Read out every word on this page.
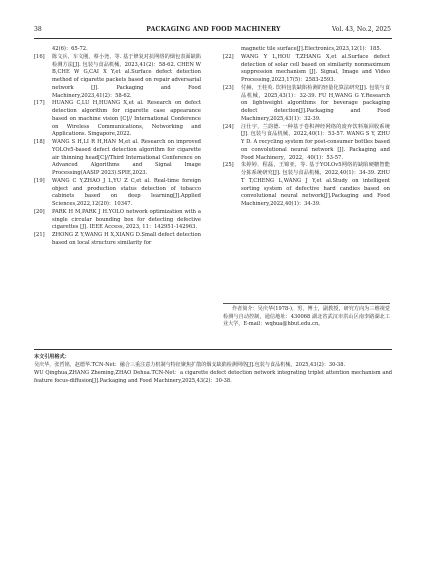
38	PACKAGING AND FOOD MACHINERY	Vol. 43, No.2, 2025
42(6)：65-72.
[16] 陈文兵，车文刚，蔡小尧，等. 基于修复对抗网络的烟包表面缺陷检测方法[J]. 包装与食品机械，2023,41(2)：58-62. CHEN W B,CHE W G,CAI X Y,et al.Surface defect detection method of cigarette packets based on repair adversarial network [J]. Packaging and Food Machinery,2023,41(2)：58-62.
[17] HUANG C,LU H,HUANG X,et al. Research on defect detection algorithm for cigarette case appearance based on machine vision [C]// International Conference on Wireless Communications, Networking and Applications. Singapore,2022.
[18] WANG S H,LI R H,HAN M,et al. Research on improved YOLOv5-based defect detection algorithm for cigarette air thinning head[C]//Third International Conference on Advanced Algorithms and Signal Image Processing(AASIP 2023).SPIE,2023.
[19] WANG C Y,ZHAO J L,YU Z C,et al. Real-time foreign object and production status detection of tobacco cabinets based on deep learning[J].Applied Sciences,2022,12(20)：10347.
[20] PARK H M,PARK J H.YOLO network optimization with a single circular bounding box for detecting defective cigarettes [J]. IEEE Access, 2023, 11：142951-142963.
[21] ZHONG Z Y,WANG H X,XIANG D.Small defect detection based on local structure similarity for
magnetic tile surface[J].Electronics,2023,12(1)：185.
[22] WANG Y L,HOU T,ZHANG X,et al.Surface defect detection of solar cell based on similarity nonmaximum suppression mechanism [J]. Signal, Image and Video Processing,2023,17(5)：2583-2593.
[23] 付赫，王桂英. 饮料包装缺陷检测的轻量化算法研究[J]. 包装与食品机械，2025,43(1)：32-39. FU H,WANG G Y.Research on lightweight algorithms for beverage packaging defect detection[J].Packaging and Food Machinery,2025,43(1)：32-39.
[24] 汪仕宇，兰韵德. 一种基于卷积神经网络的废弃饮料瓶回收系统[J]. 包装与食品机械，2022,40(1)：53-57. WANG S Y, ZHU Y D. A recycling system for post-consumer bottles based on convolutional neural network [J]. Packaging and Food Machinery，2022，40(1)：53-57.
[25] 朱婷婷，程磊，王锦亚，等. 基于YOLOv5网络的缺陷硬糖智能分拣系统研究[J]. 包装与食品机械，2022,40(1)：34-39. ZHU T T,CHENG L,WANG J Y,et al.Study on intelligent sorting system of defective hard candies based on convolutional neural network[J].Packaging and Food Machinery,2022,40(1)：34-39.
作者简介：吴庆华(1978-)，男，博士，副教授，研究方向为三维视觉检测与自动控制，通信地址：430068 湖北省武汉市洪山区南李路湖北工业大学，E-mail：wqhua@hbut.edu.cn。
本文引用格式：

吴庆华，张哲铭，赵德华.TCN-Net：融合三重注意力机制与特征聚焦扩散的烟支缺陷检测网络[J].包装与食品机械，2025,43(2)：30-38.

WU Qinghua,ZHANG Zheming,ZHAO Dehua.TCN-Net：a cigarette defect detection network integrating triplet attention mechanism and feature focus-diffusion[J].Packaging and Food Machinery,2025,43(2)：30-38.
